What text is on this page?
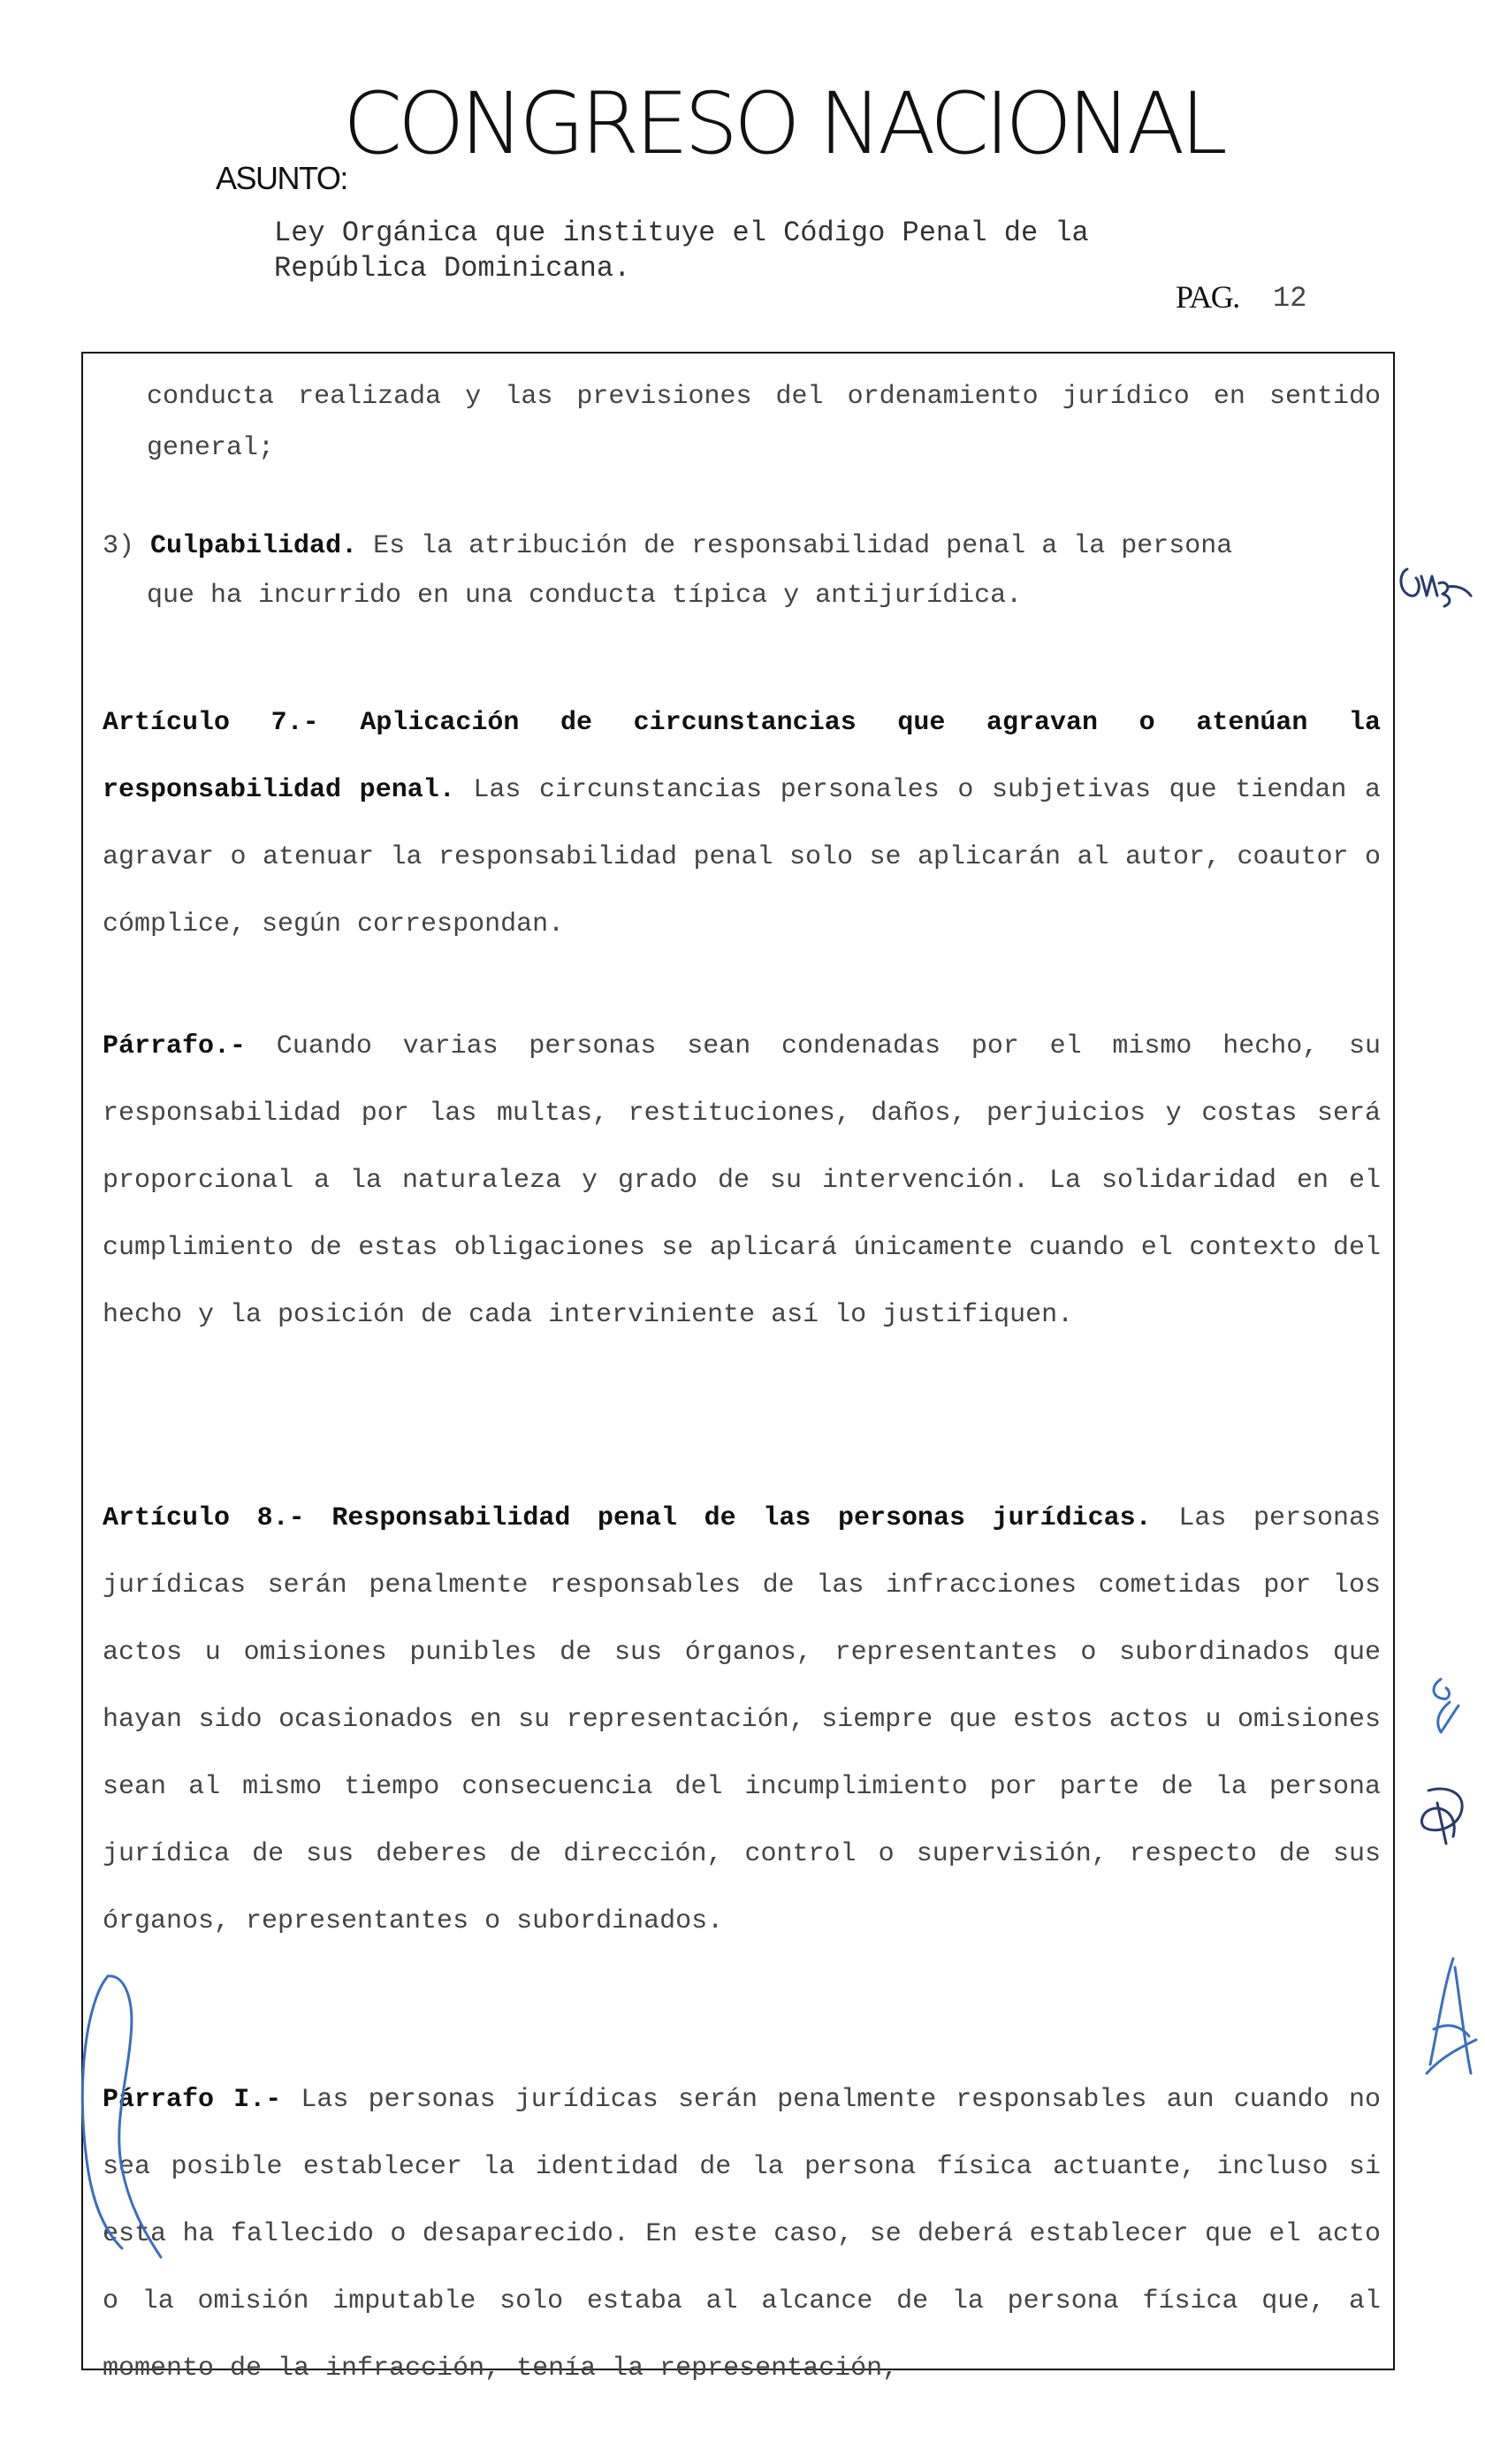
CONGRESO NACIONAL
ASUNTO:
Ley Orgánica que instituye el Código Penal de la República Dominicana.
PAG. 12
conducta realizada y las previsiones del ordenamiento jurídico en sentido general;
3) Culpabilidad. Es la atribución de responsabilidad penal a la persona
que ha incurrido en una conducta típica y antijurídica.
Artículo 7.- Aplicación de circunstancias que agravan o atenúan la responsabilidad penal. Las circunstancias personales o subjetivas que tiendan a agravar o atenuar la responsabilidad penal solo se aplicarán al autor, coautor o cómplice, según correspondan.
Párrafo.- Cuando varias personas sean condenadas por el mismo hecho, su responsabilidad por las multas, restituciones, daños, perjuicios y costas será proporcional a la naturaleza y grado de su intervención. La solidaridad en el cumplimiento de estas obligaciones se aplicará únicamente cuando el contexto del hecho y la posición de cada interviniente así lo justifiquen.
Artículo 8.- Responsabilidad penal de las personas jurídicas. Las personas jurídicas serán penalmente responsables de las infracciones cometidas por los actos u omisiones punibles de sus órganos, representantes o subordinados que hayan sido ocasionados en su representación, siempre que estos actos u omisiones sean al mismo tiempo consecuencia del incumplimiento por parte de la persona jurídica de sus deberes de dirección, control o supervisión, respecto de sus órganos, representantes o subordinados.
Párrafo I.- Las personas jurídicas serán penalmente responsables aun cuando no sea posible establecer la identidad de la persona física actuante, incluso si esta ha fallecido o desaparecido. En este caso, se deberá establecer que el acto o la omisión imputable solo estaba al alcance de la persona física que, al momento de la infracción, tenía la representación,
